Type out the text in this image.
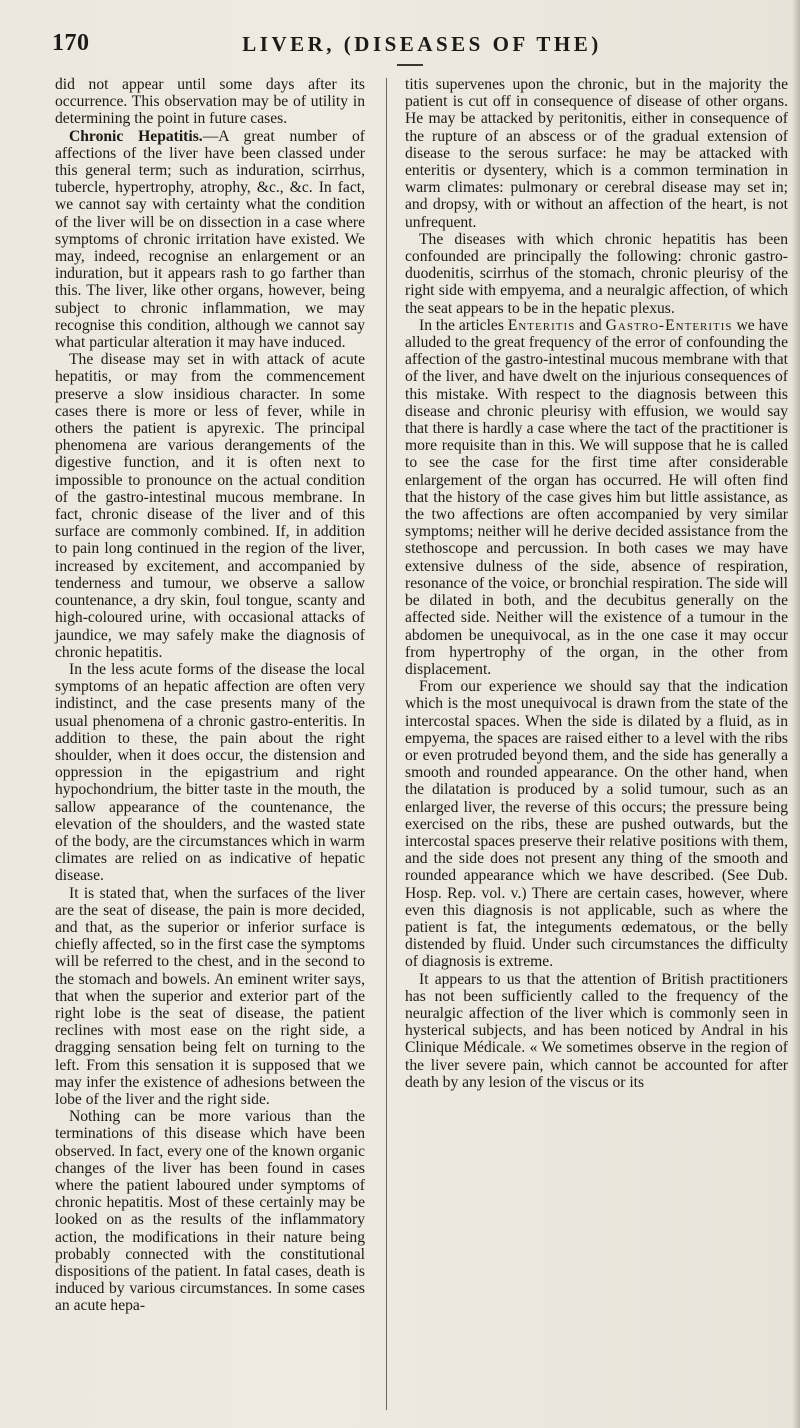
170	LIVER, (DISEASES OF THE)

did not appear until some days after its occurrence. This observation may be of utility in determining the point in future cases.

Chronic Hepatitis.—A great number of affections of the liver have been classed under this general term; such as induration, scirrhus, tubercle, hypertrophy, atrophy, &c., &c. In fact, we cannot say with certainty what the condition of the liver will be on dissection in a case where symptoms of chronic irritation have existed. We may, indeed, recognise an enlargement or an induration, but it appears rash to go farther than this. The liver, like other organs, however, being subject to chronic inflammation, we may recognise this condition, although we cannot say what particular alteration it may have induced.

The disease may set in with attack of acute hepatitis, or may from the commencement preserve a slow insidious character. In some cases there is more or less of fever, while in others the patient is apyrexic. The principal phenomena are various derangements of the digestive function, and it is often next to impossible to pronounce on the actual condition of the gastro-intestinal mucous membrane. In fact, chronic disease of the liver and of this surface are commonly combined. If, in addition to pain long continued in the region of the liver, increased by excitement, and accompanied by tenderness and tumour, we observe a sallow countenance, a dry skin, foul tongue, scanty and high-coloured urine, with occasional attacks of jaundice, we may safely make the diagnosis of chronic hepatitis.

In the less acute forms of the disease the local symptoms of an hepatic affection are often very indistinct, and the case presents many of the usual phenomena of a chronic gastro-enteritis. In addition to these, the pain about the right shoulder, when it does occur, the distension and oppression in the epigastrium and right hypochondrium, the bitter taste in the mouth, the sallow appearance of the countenance, the elevation of the shoulders, and the wasted state of the body, are the circumstances which in warm climates are relied on as indicative of hepatic disease.

It is stated that, when the surfaces of the liver are the seat of disease, the pain is more decided, and that, as the superior or inferior surface is chiefly affected, so in the first case the symptoms will be referred to the chest, and in the second to the stomach and bowels. An eminent writer says, that when the superior and exterior part of the right lobe is the seat of disease, the patient reclines with most ease on the right side, a dragging sensation being felt on turning to the left. From this sensation it is supposed that we may infer the existence of adhesions between the lobe of the liver and the right side.

Nothing can be more various than the terminations of this disease which have been observed. In fact, every one of the known organic changes of the liver has been found in cases where the patient laboured under symptoms of chronic hepatitis. Most of these certainly may be looked on as the results of the inflammatory action, the modifications in their nature being probably connected with the constitutional dispositions of the patient. In fatal cases, death is induced by various circumstances. In some cases an acute hepa-

titis supervenes upon the chronic, but in the majority the patient is cut off in consequence of disease of other organs. He may be attacked by peritonitis, either in consequence of the rupture of an abscess or of the gradual extension of disease to the serous surface: he may be attacked with enteritis or dysentery, which is a common termination in warm climates: pulmonary or cerebral disease may set in; and dropsy, with or without an affection of the heart, is not unfrequent.

The diseases with which chronic hepatitis has been confounded are principally the following: chronic gastro-duodenitis, scirrhus of the stomach, chronic pleurisy of the right side with empyema, and a neuralgic affection, of which the seat appears to be in the hepatic plexus.

In the articles Enteritis and Gastro-Enteritis we have alluded to the great frequency of the error of confounding the affection of the gastro-intestinal mucous membrane with that of the liver, and have dwelt on the injurious consequences of this mistake. With respect to the diagnosis between this disease and chronic pleurisy with effusion, we would say that there is hardly a case where the tact of the practitioner is more requisite than in this. We will suppose that he is called to see the case for the first time after considerable enlargement of the organ has occurred. He will often find that the history of the case gives him but little assistance, as the two affections are often accompanied by very similar symptoms; neither will he derive decided assistance from the stethoscope and percussion. In both cases we may have extensive dulness of the side, absence of respiration, resonance of the voice, or bronchial respiration. The side will be dilated in both, and the decubitus generally on the affected side. Neither will the existence of a tumour in the abdomen be unequivocal, as in the one case it may occur from hypertrophy of the organ, in the other from displacement.

From our experience we should say that the indication which is the most unequivocal is drawn from the state of the intercostal spaces. When the side is dilated by a fluid, as in empyema, the spaces are raised either to a level with the ribs or even protruded beyond them, and the side has generally a smooth and rounded appearance. On the other hand, when the dilatation is produced by a solid tumour, such as an enlarged liver, the reverse of this occurs; the pressure being exercised on the ribs, these are pushed outwards, but the intercostal spaces preserve their relative positions with them, and the side does not present any thing of the smooth and rounded appearance which we have described. (See Dub. Hosp. Rep. vol. v.) There are certain cases, however, where even this diagnosis is not applicable, such as where the patient is fat, the integuments œdematous, or the belly distended by fluid. Under such circumstances the difficulty of diagnosis is extreme.

It appears to us that the attention of British practitioners has not been sufficiently called to the frequency of the neuralgic affection of the liver which is commonly seen in hysterical subjects, and has been noticed by Andral in his Clinique Médicale. « We sometimes observe in the region of the liver severe pain, which cannot be accounted for after death by any lesion of the viscus or its
